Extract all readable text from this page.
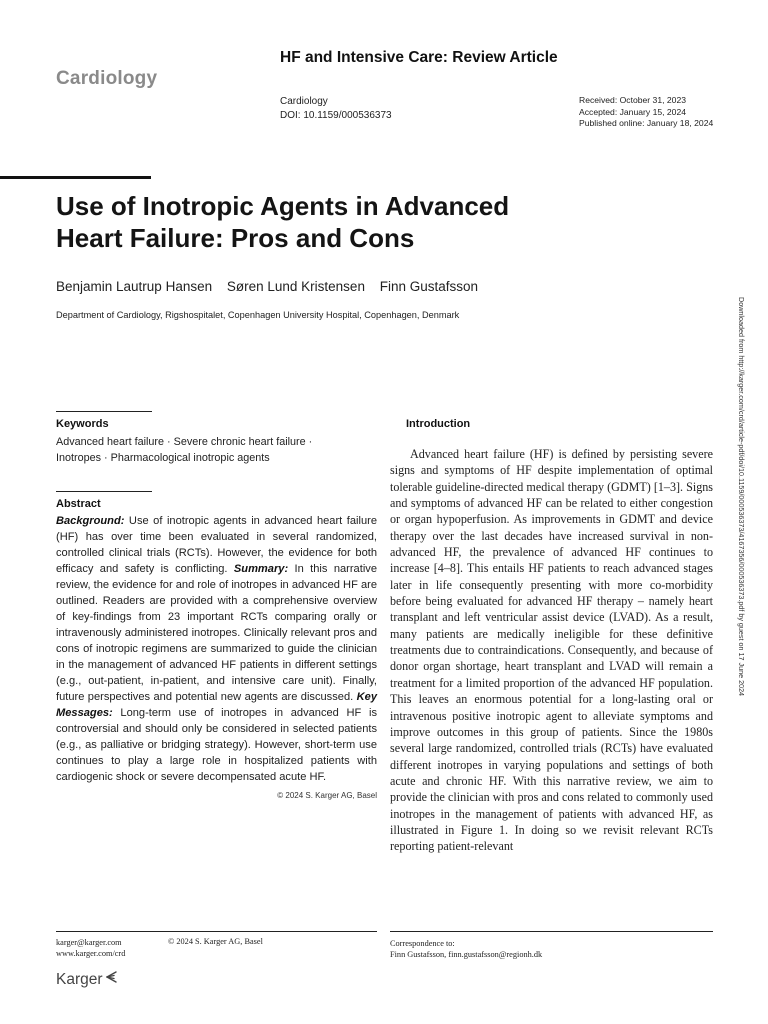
Cardiology
HF and Intensive Care: Review Article
Cardiology
DOI: 10.1159/000536373
Received: October 31, 2023
Accepted: January 15, 2024
Published online: January 18, 2024
Use of Inotropic Agents in Advanced Heart Failure: Pros and Cons
Benjamin Lautrup Hansen Søren Lund Kristensen Finn Gustafsson
Department of Cardiology, Rigshospitalet, Copenhagen University Hospital, Copenhagen, Denmark	Downloaded from http://karger.com/crd/article-pdf/doi/10.1159/000536373/4167356/000536373.pdf by guest on 17 June 2024
Keywords
Advanced heart failure · Severe chronic heart failure · Inotropes · Pharmacological inotropic agents
Abstract
Background: Use of inotropic agents in advanced heart failure (HF) has over time been evaluated in several randomized, controlled clinical trials (RCTs). However, the evidence for both efficacy and safety is conflicting. Summary: In this narrative review, the evidence for and role of inotropes in advanced HF are outlined. Readers are provided with a comprehensive overview of key-findings from 23 important RCTs comparing orally or intravenously administered inotropes. Clinically relevant pros and cons of inotropic regimens are summarized to guide the clinician in the management of advanced HF patients in different settings (e.g., out-patient, in-patient, and intensive care unit). Finally, future perspectives and potential new agents are discussed. Key Messages: Long-term use of inotropes in advanced HF is controversial and should only be considered in selected patients (e.g., as palliative or bridging strategy). However, short-term use continues to play a large role in hospitalized patients with cardiogenic shock or severe decompensated acute HF.
© 2024 S. Karger AG, Basel
Introduction

Advanced heart failure (HF) is defined by persisting severe signs and symptoms of HF despite implementation of optimal tolerable guideline-directed medical therapy (GDMT) [1–3]. Signs and symptoms of advanced HF can be related to either congestion or organ hypoperfusion. As improvements in GDMT and device therapy over the last decades have increased survival in non-advanced HF, the prevalence of advanced HF continues to increase [4–8]. This entails HF patients to reach advanced stages later in life consequently presenting with more co-morbidity before being evaluated for advanced HF therapy – namely heart transplant and left ventricular assist device (LVAD). As a result, many patients are medically ineligible for these definitive treatments due to contraindications. Consequently, and because of donor organ shortage, heart transplant and LVAD will remain a treatment for a limited proportion of the advanced HF population. This leaves an enormous potential for a long-lasting oral or intravenous positive inotropic agent to alleviate symptoms and improve outcomes in this group of patients. Since the 1980s several large randomized, controlled trials (RCTs) have evaluated different inotropes in varying populations and settings of both acute and chronic HF. With this narrative review, we aim to provide the clinician with pros and cons related to commonly used inotropes in the management of patients with advanced HF, as illustrated in Figure 1. In doing so we revisit relevant RCTs reporting patient-relevant

karger@karger.com
www.karger.com/crd
© 2024 S. Karger AG, Basel	Correspondence to:
Finn Gustafsson, finn.gustafsson@regionh.dk
Karger
